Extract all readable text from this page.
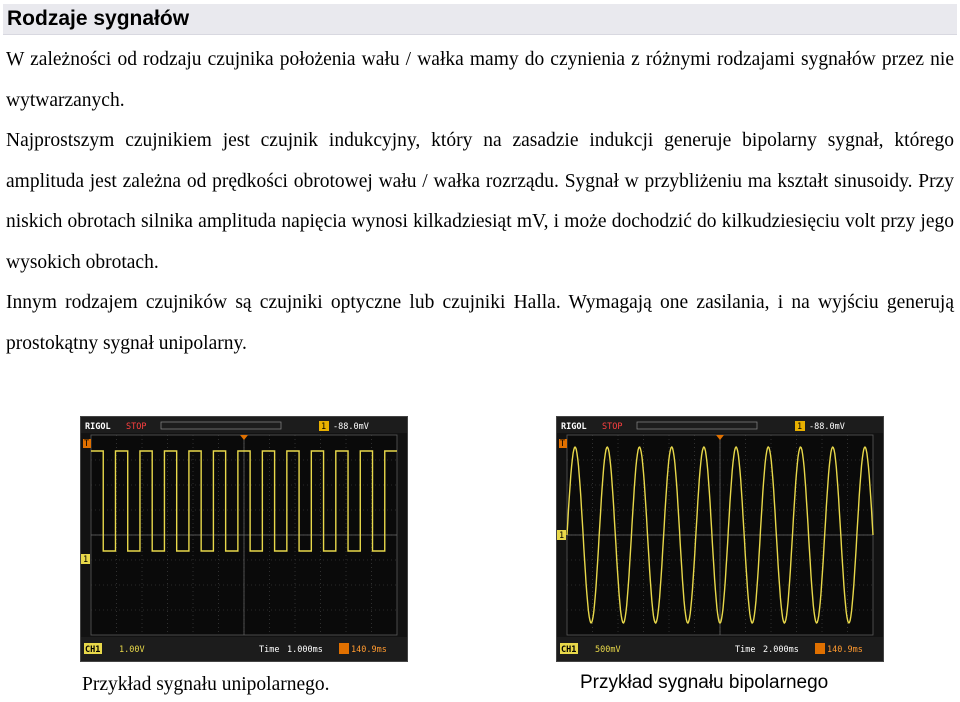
Rodzaje sygnałów
W zależności od rodzaju czujnika położenia wału / wałka mamy do czynienia z różnymi rodzajami sygnałów przez nie wytwarzanych.
Najprostszym czujnikiem jest czujnik indukcyjny, który na zasadzie indukcji generuje bipolarny sygnał, którego amplituda jest zależna od prędkości obrotowej wału / wałka rozrządu. Sygnał w przybliżeniu ma kształt sinusoidy. Przy niskich obrotach silnika amplituda napięcia wynosi kilkadziesiąt mV, i może dochodzić do kilkudziesięciu volt przy jego wysokich obrotach.
Innym rodzajem czujników są czujniki optyczne lub czujniki Halla. Wymagają one zasilania, i na wyjściu generują prostokątny sygnał unipolarny.
RIGOL STOP	1 -88.0mV
T
1
CH1 1.00V	Time 1.000ms	140.9ms
RIGOL STOP	1 -88.0mV
T
1
CH1 500mV	Time 2.000ms	140.9ms
Przykład sygnału unipolarnego.	Przykład sygnału bipolarnego
